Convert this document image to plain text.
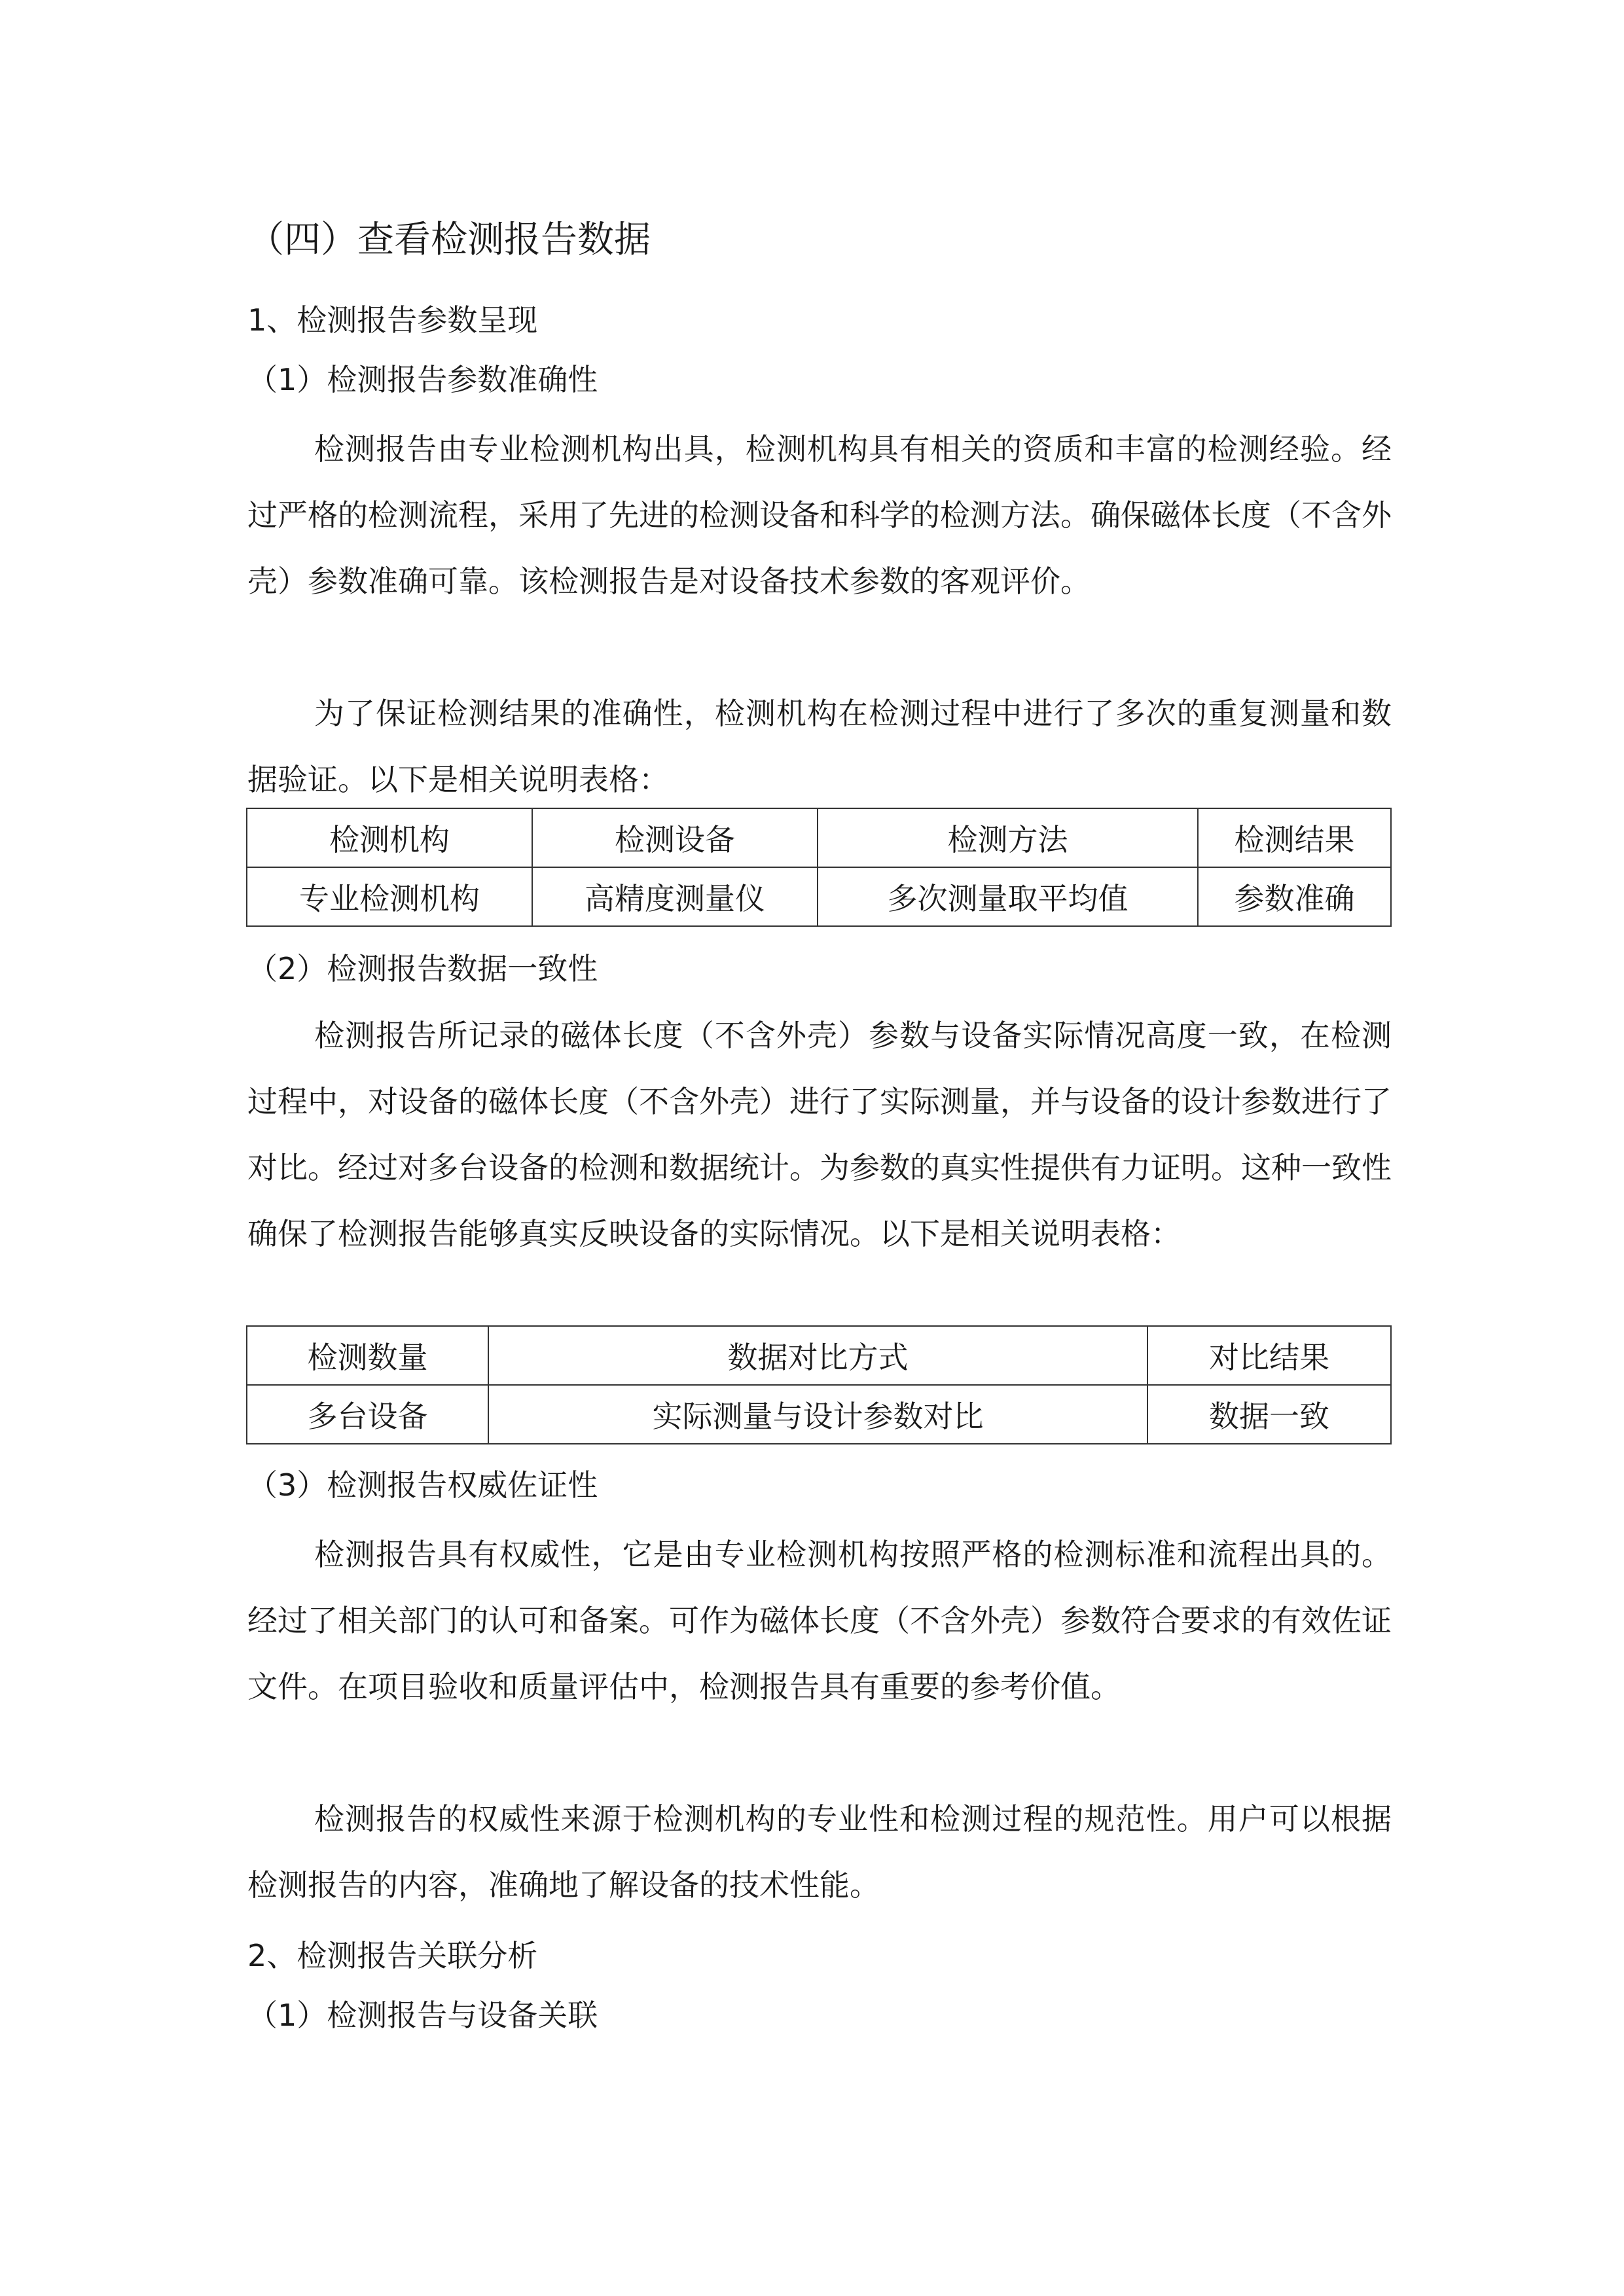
（四）查看检测报告数据
1、检测报告参数呈现
（1）检测报告参数准确性

检测报告由专业检测机构出具，检测机构具有相关的资质和丰富的检测经验。经过严格的检测流程，采用了先进的检测设备和科学的检测方法。确保磁体长度（不含外壳）参数准确可靠。该检测报告是对设备技术参数的客观评价。

为了保证检测结果的准确性，检测机构在检测过程中进行了多次的重复测量和数据验证。以下是相关说明表格：

检测机构	检测设备	检测方法	检测结果
专业检测机构	高精度测量仪	多次测量取平均值	参数准确
（2）检测报告数据一致性

检测报告所记录的磁体长度（不含外壳）参数与设备实际情况高度一致，在检测过程中，对设备的磁体长度（不含外壳）进行了实际测量，并与设备的设计参数进行了对比。经过对多台设备的检测和数据统计。为参数的真实性提供有力证明。这种一致性确保了检测报告能够真实反映设备的实际情况。以下是相关说明表格：

检测数量	数据对比方式	对比结果
多台设备	实际测量与设计参数对比	数据一致
（3）检测报告权威佐证性

检测报告具有权威性，它是由专业检测机构按照严格的检测标准和流程出具的。经过了相关部门的认可和备案。可作为磁体长度（不含外壳）参数符合要求的有效佐证文件。在项目验收和质量评估中，检测报告具有重要的参考价值。

检测报告的权威性来源于检测机构的专业性和检测过程的规范性。用户可以根据检测报告的内容，准确地了解设备的技术性能。

2、检测报告关联分析
（1）检测报告与设备关联
